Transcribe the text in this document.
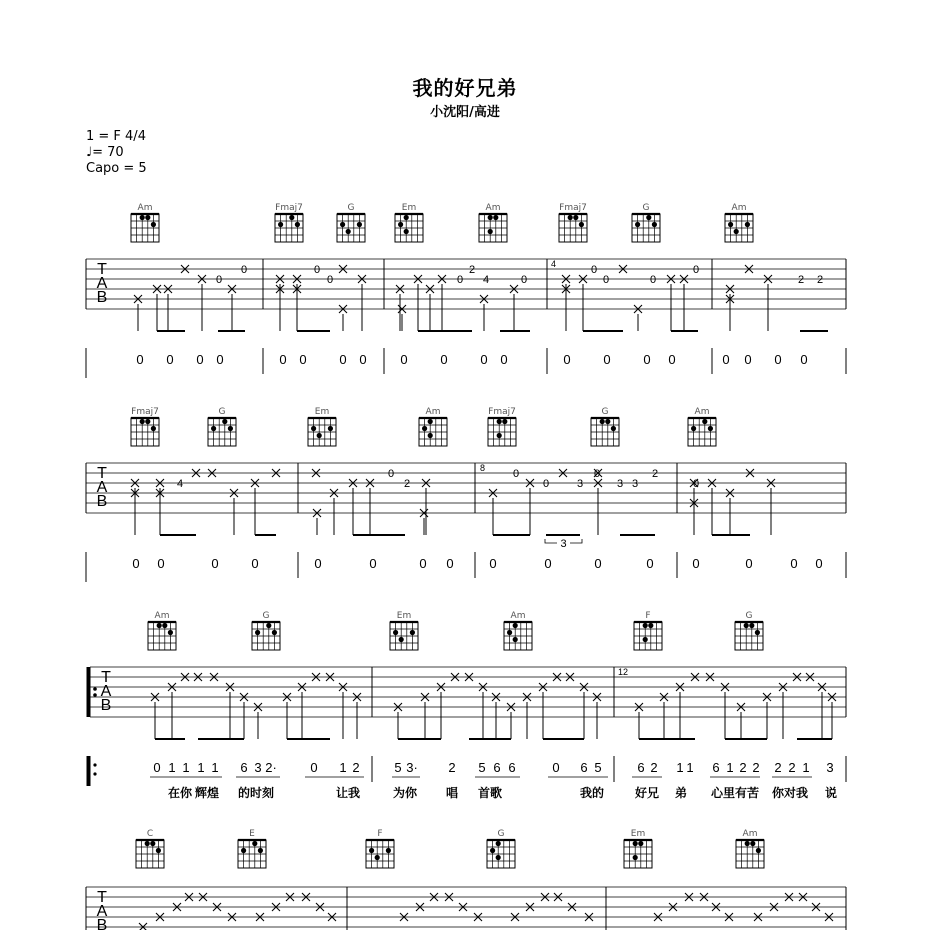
我的好兄弟
小沈阳/高进
1 = F 4/4
♩= 70
Capo = 5
Am	Fmaj7	G	Em	Am	Fmaj7	G	Am
T
A
B
4
0
0	0
2
4	0
0
0	0
0
2 2
0
0
0 0 0 0	0 0	0 0	0	0	0 0	0	0	0 0	0 0 0 0
Fmaj7	G	Em	Am	Fmaj7	G	Am
T
A
B
8
0
2
4
0
0	3
0
3 3
2
0
3
0 0	0	0	0	0	0 0	0	0	0	0	0	0	0 0
Am	G	Em	Am	F	G
T
A
B
12
0 1 1 1 1 6 3 2·	0 1 2	5 3· 2 5 6 6	0 6 5	6 2 1 1 6 1 2 2 2 2 1 3
在你 辉煌 的时刻	让我	为你 唱 首歌	我的	好兄 弟 心里有苦 你对我 说
C	E	F	G	Em	Am
T
A
B
